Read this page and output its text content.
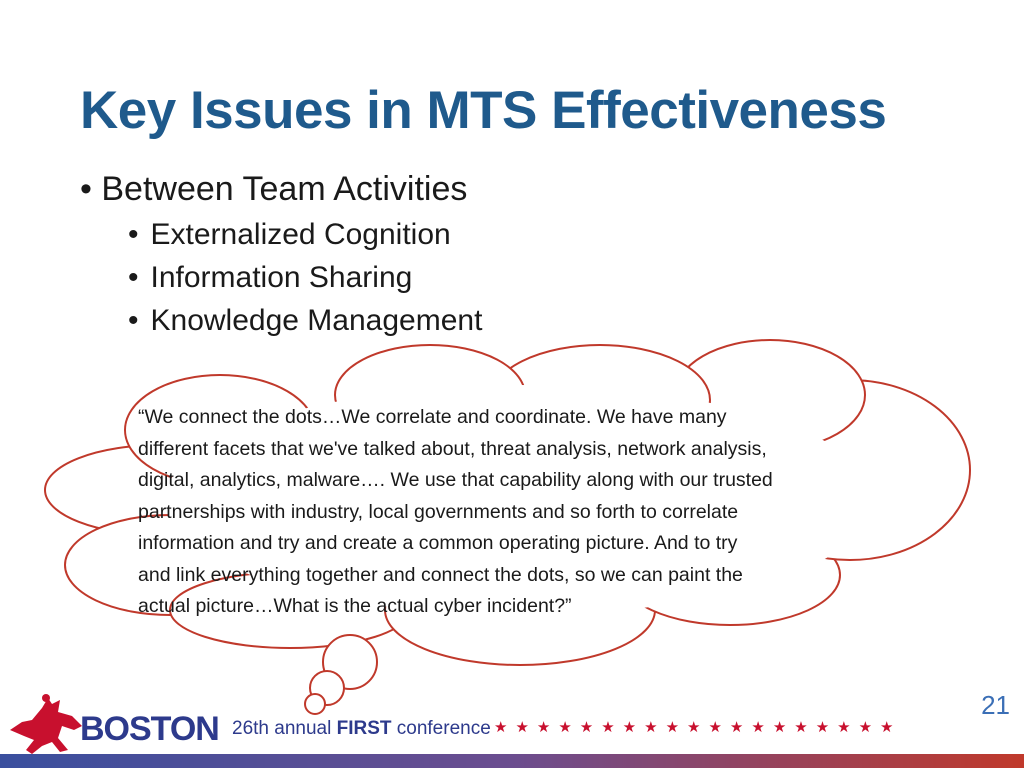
Key Issues in MTS Effectiveness
• Between Team Activities
• Externalized Cognition
• Information Sharing
• Knowledge Management
“We connect the dots…We correlate and coordinate. We have many
different facets that we've talked about, threat analysis, network analysis,
digital, analytics, malware…. We use that capability along with our trusted
partnerships with industry, local governments and so forth to correlate
information and try and create a common operating picture. And to try
and link everything together and connect the dots, so we can paint the
actual picture…What is the actual cyber incident?”
21
BOSTON 26th annual FIRST conference ★★★★★★★★★★★★★★★★★★★
